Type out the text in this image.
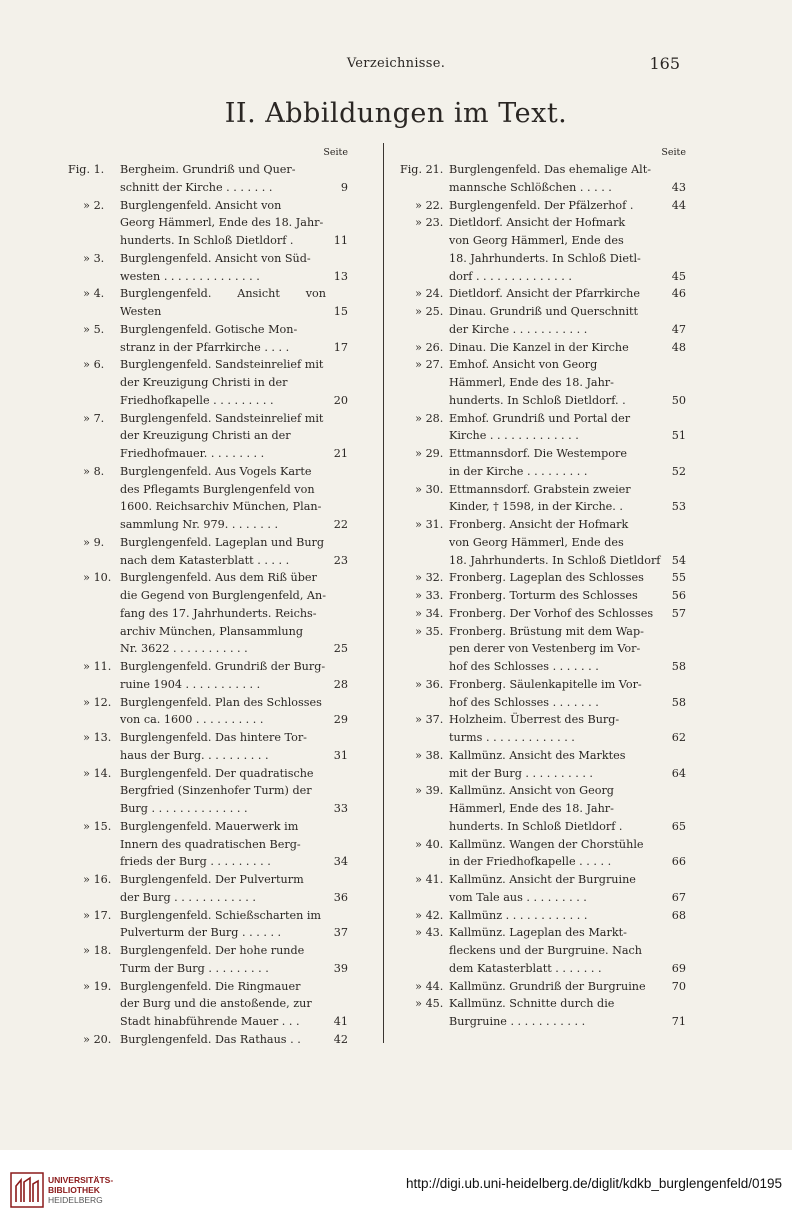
Verzeichnisse.	165
II. Abbildungen im Text.
Seite
Fig. 1.	Bergheim. Grundriß und Quer-
schnitt der Kirche . . . . . . .	9
» 2.	Burglengenfeld. Ansicht von
Georg Hämmerl, Ende des 18. Jahr-
hunderts. In Schloß Dietldorf .	11
» 3.	Burglengenfeld. Ansicht von Süd-
westen . . . . . . . . . . . . . .	13
» 4.	Burglengenfeld. Ansicht von Westen	15
» 5.	Burglengenfeld. Gotische Mon-
stranz in der Pfarrkirche . . . .	17
» 6.	Burglengenfeld. Sandsteinrelief mit
der Kreuzigung Christi in der
Friedhofkapelle . . . . . . . . .	20
» 7.	Burglengenfeld. Sandsteinrelief mit
der Kreuzigung Christi an der
Friedhofmauer. . . . . . . . .	21
» 8.	Burglengenfeld. Aus Vogels Karte
des Pflegamts Burglengenfeld von
1600. Reichsarchiv München, Plan-
sammlung Nr. 979. . . . . . . .	22
» 9.	Burglengenfeld. Lageplan und Burg
nach dem Katasterblatt . . . . .	23
» 10. Burglengenfeld. Aus dem Riß über
die Gegend von Burglengenfeld, An-
fang des 17. Jahrhunderts. Reichs-
archiv München, Plansammlung
Nr. 3622 . . . . . . . . . . .	25
» 11. Burglengenfeld. Grundriß der Burg-
ruine 1904 . . . . . . . . . . .	28
» 12. Burglengenfeld. Plan des Schlosses
von ca. 1600 . . . . . . . . . .	29
» 13. Burglengenfeld. Das hintere Tor-
haus der Burg. . . . . . . . . .	31
» 14. Burglengenfeld. Der quadratische
Bergfried (Sinzenhofer Turm) der
Burg . . . . . . . . . . . . . .	33
» 15. Burglengenfeld. Mauerwerk im
Innern des quadratischen Berg-
frieds der Burg . . . . . . . . .	34
» 16. Burglengenfeld. Der Pulverturm
der Burg . . . . . . . . . . . .	36
» 17. Burglengenfeld. Schießscharten im
Pulverturm der Burg . . . . . .	37
» 18. Burglengenfeld. Der hohe runde
Turm der Burg . . . . . . . . .	39
» 19. Burglengenfeld. Die Ringmauer
der Burg und die anstoßende, zur
Stadt hinabführende Mauer . . .	41
» 20. Burglengenfeld. Das Rathaus . .	42
Seite
Fig. 21. Burglengenfeld. Das ehemalige Alt-
mannsche Schlößchen . . . . .	43
» 22. Burglengenfeld. Der Pfälzerhof .	44
» 23. Dietldorf. Ansicht der Hofmark
von Georg Hämmerl, Ende des
18. Jahrhunderts. In Schloß Dietl-
dorf . . . . . . . . . . . . . .	45
» 24. Dietldorf. Ansicht der Pfarrkirche	46
» 25. Dinau. Grundriß und Querschnitt
der Kirche . . . . . . . . . . .	47
» 26. Dinau. Die Kanzel in der Kirche	48
» 27. Emhof. Ansicht von Georg
Hämmerl, Ende des 18. Jahr-
hunderts. In Schloß Dietldorf. .	50
» 28. Emhof. Grundriß und Portal der
Kirche . . . . . . . . . . . . .	51
» 29. Ettmannsdorf. Die Westempore
in der Kirche . . . . . . . . .	52
» 30. Ettmannsdorf. Grabstein zweier
Kinder, † 1598, in der Kirche. .	53
» 31. Fronberg. Ansicht der Hofmark
von Georg Hämmerl, Ende des
18. Jahrhunderts. In Schloß Dietldorf	54
» 32. Fronberg. Lageplan des Schlosses	55
» 33. Fronberg. Torturm des Schlosses	56
» 34. Fronberg. Der Vorhof des Schlosses	57
» 35. Fronberg. Brüstung mit dem Wap-
pen derer von Vestenberg im Vor-
hof des Schlosses . . . . . . .	58
» 36. Fronberg. Säulenkapitelle im Vor-
hof des Schlosses . . . . . . .	58
» 37. Holzheim. Überrest des Burg-
turms . . . . . . . . . . . . .	62
» 38. Kallmünz. Ansicht des Marktes
mit der Burg . . . . . . . . . .	64
» 39. Kallmünz. Ansicht von Georg
Hämmerl, Ende des 18. Jahr-
hunderts. In Schloß Dietldorf .	65
» 40. Kallmünz. Wangen der Chorstühle
in der Friedhofkapelle . . . . .	66
» 41. Kallmünz. Ansicht der Burgruine
vom Tale aus . . . . . . . . .	67
» 42. Kallmünz . . . . . . . . . . . .	68
» 43. Kallmünz. Lageplan des Markt-
fleckens und der Burgruine. Nach
dem Katasterblatt . . . . . . .	69
» 44. Kallmünz. Grundriß der Burgruine	70
» 45. Kallmünz. Schnitte durch die
Burgruine . . . . . . . . . . .	71
UNIVERSITÄTS-
BIBLIOTHEK
HEIDELBERG
http://digi.ub.uni-heidelberg.de/diglit/kdkb_burglengenfeld/0195
